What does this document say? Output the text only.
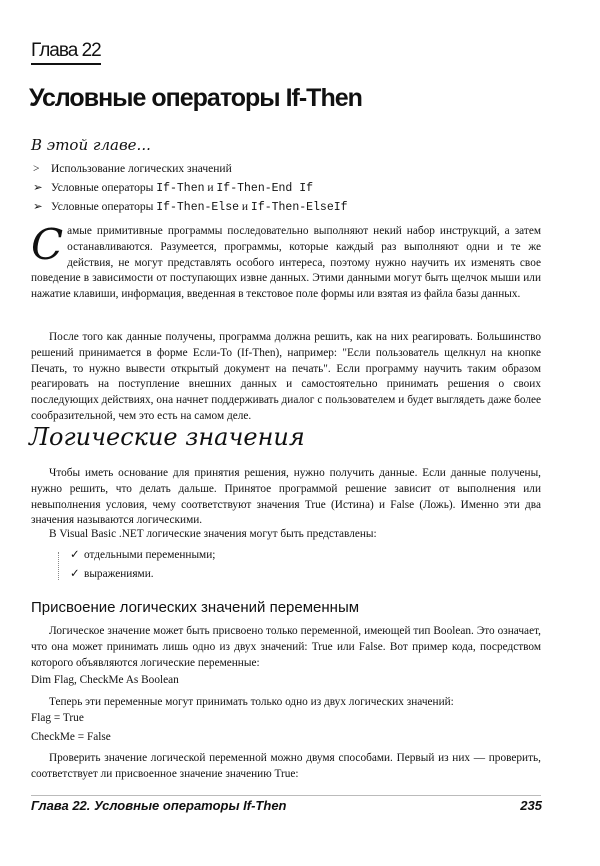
Глава 22
Условные операторы If-Then
В этой главе...
> Использование логических значений
➢ Условные операторы If-Then и If-Then-End If
➢ Условные операторы If-Then-Else и If-Then-ElseIf
С амые примитивные программы последовательно выполняют некий набор инструкций, а затем останавливаются. Разумеется, программы, которые каждый раз выполняют одни и те же действия, не могут представлять особого интереса, поэтому нужно научить их изменять свое поведение в зависимости от поступающих извне данных. Этими данными могут быть щелчок мыши или нажатие клавиши, информация, введенная в текстовое поле формы или взятая из файла базы данных.

После того как данные получены, программа должна решить, как на них реагировать. Большинство решений принимается в форме Если-То (If-Then), например: "Если пользователь щелкнул на кнопке Печать, то нужно вывести открытый документ на печать". Если программу научить таким образом реагировать на поступление внешних данных и самостоятельно принимать решения о своих последующих действиях, она начнет поддерживать диалог с пользователем и будет выглядеть даже более сообразительной, чем это есть на самом деле.

Логические значения

Чтобы иметь основание для принятия решения, нужно получить данные. Если данные получены, нужно решить, что делать дальше. Принятое программой решение зависит от выполнения или невыполнения условия, чему соответствуют значения True (Истина) и False (Ложь). Именно эти два значения называются логическими.

В Visual Basic .NET логические значения могут быть представлены:
✓ отдельными переменными;
✓ выражениями.
Присвоение логических значений переменным

Логическое значение может быть присвоено только переменной, имеющей тип Boolean. Это означает, что она может принимать лишь одно из двух значений: True или False. Вот пример кода, посредством которого объявляются логические переменные:

Dim Flag, CheckMe As Boolean

Теперь эти переменные могут принимать только одно из двух логических значений:

Flag = True
CheckMe = False

Проверить значение логической переменной можно двумя способами. Первый из них — проверить, соответствует ли присвоенное значение значению True:

Глава 22. Условные операторы If-Then	235
